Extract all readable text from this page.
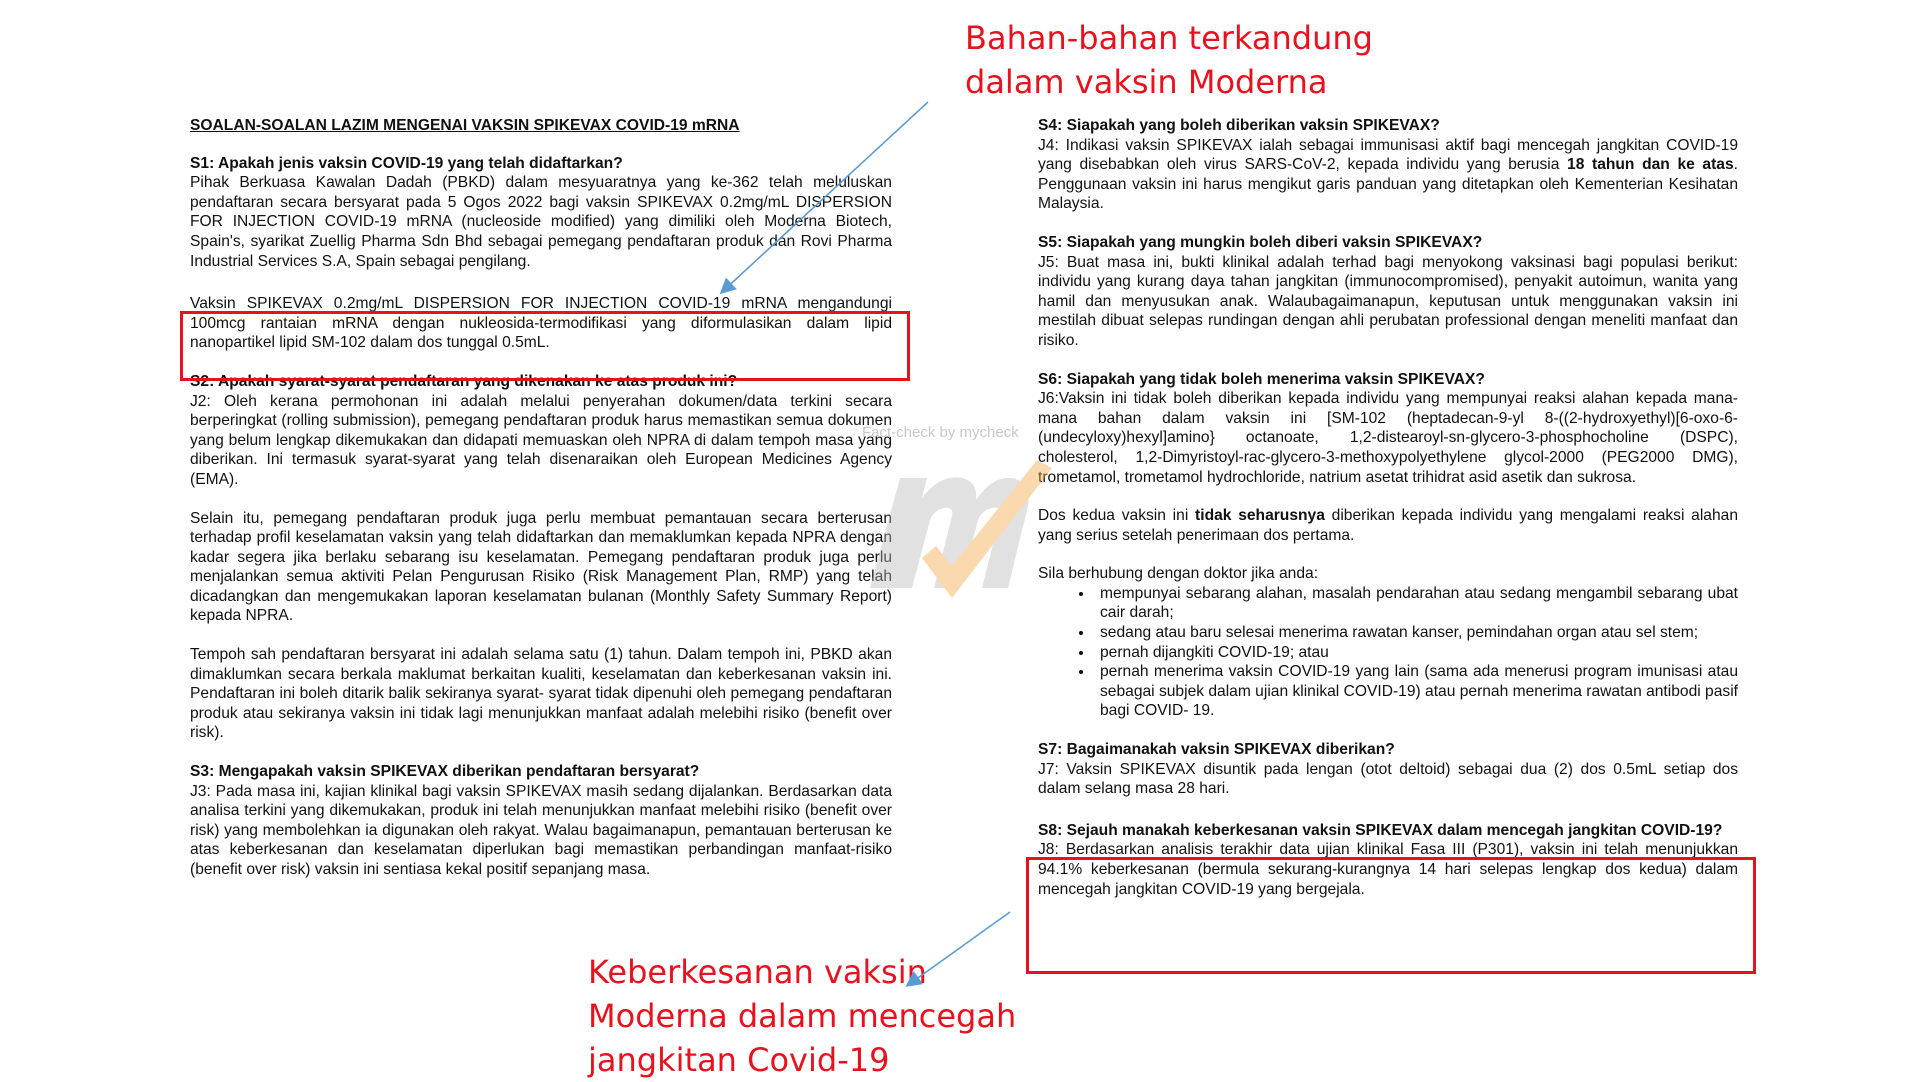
SOALAN-SOALAN LAZIM MENGENAI VAKSIN SPIKEVAX COVID-19 mRNA

S1: Apakah jenis vaksin COVID-19 yang telah didaftarkan?

Pihak Berkuasa Kawalan Dadah (PBKD) dalam mesyuaratnya yang ke-362 telah meluluskan pendaftaran secara bersyarat pada 5 Ogos 2022 bagi vaksin SPIKEVAX 0.2mg/mL DISPERSION FOR INJECTION COVID-19 mRNA (nucleoside modified) yang dimiliki oleh Moderna Biotech, Spain's, syarikat Zuellig Pharma Sdn Bhd sebagai pemegang pendaftaran produk dan Rovi Pharma Industrial Services S.A, Spain sebagai pengilang.

Vaksin SPIKEVAX 0.2mg/mL DISPERSION FOR INJECTION COVID-19 mRNA mengandungi 100mcg rantaian mRNA dengan nukleosida-termodifikasi yang diformulasikan dalam lipid nanopartikel lipid SM-102 dalam dos tunggal 0.5mL.

S2: Apakah syarat-syarat pendaftaran yang dikenakan ke atas produk ini?

J2: Oleh kerana permohonan ini adalah melalui penyerahan dokumen/data terkini secara berperingkat (rolling submission), pemegang pendaftaran produk harus memastikan semua dokumen yang belum lengkap dikemukakan dan didapati memuaskan oleh NPRA di dalam tempoh masa yang diberikan. Ini termasuk syarat-syarat yang telah disenaraikan oleh European Medicines Agency (EMA).

Selain itu, pemegang pendaftaran produk juga perlu membuat pemantauan secara berterusan terhadap profil keselamatan vaksin yang telah didaftarkan dan memaklumkan kepada NPRA dengan kadar segera jika berlaku sebarang isu keselamatan. Pemegang pendaftaran produk juga perlu menjalankan semua aktiviti Pelan Pengurusan Risiko (Risk Management Plan, RMP) yang telah dicadangkan dan mengemukakan laporan keselamatan bulanan (Monthly Safety Summary Report) kepada NPRA.

Tempoh sah pendaftaran bersyarat ini adalah selama satu (1) tahun. Dalam tempoh ini, PBKD akan dimaklumkan secara berkala maklumat berkaitan kualiti, keselamatan dan keberkesanan vaksin ini. Pendaftaran ini boleh ditarik balik sekiranya syarat- syarat tidak dipenuhi oleh pemegang pendaftaran produk atau sekiranya vaksin ini tidak lagi menunjukkan manfaat adalah melebihi risiko (benefit over risk).

S3: Mengapakah vaksin SPIKEVAX diberikan pendaftaran bersyarat?

J3: Pada masa ini, kajian klinikal bagi vaksin SPIKEVAX masih sedang dijalankan. Berdasarkan data analisa terkini yang dikemukakan, produk ini telah menunjukkan manfaat melebihi risiko (benefit over risk) yang membolehkan ia digunakan oleh rakyat. Walau bagaimanapun, pemantauan berterusan ke atas keberkesanan dan keselamatan diperlukan bagi memastikan perbandingan manfaat-risiko (benefit over risk) vaksin ini sentiasa kekal positif sepanjang masa.

S4: Siapakah yang boleh diberikan vaksin SPIKEVAX?

J4: Indikasi vaksin SPIKEVAX ialah sebagai immunisasi aktif bagi mencegah jangkitan COVID-19 yang disebabkan oleh virus SARS-CoV-2, kepada individu yang berusia 18 tahun dan ke atas. Penggunaan vaksin ini harus mengikut garis panduan yang ditetapkan oleh Kementerian Kesihatan Malaysia.

S5: Siapakah yang mungkin boleh diberi vaksin SPIKEVAX?

J5: Buat masa ini, bukti klinikal adalah terhad bagi menyokong vaksinasi bagi populasi berikut: individu yang kurang daya tahan jangkitan (immunocompromised), penyakit autoimun, wanita yang hamil dan menyusukan anak. Walaubagaimanapun, keputusan untuk menggunakan vaksin ini mestilah dibuat selepas rundingan dengan ahli perubatan professional dengan meneliti manfaat dan risiko.

S6: Siapakah yang tidak boleh menerima vaksin SPIKEVAX?

J6:Vaksin ini tidak boleh diberikan kepada individu yang mempunyai reaksi alahan kepada mana-mana bahan dalam vaksin ini [SM-102 (heptadecan-9-yl 8-((2-hydroxyethyl)[6-oxo-6-(undecyloxy)hexyl]amino} octanoate, 1,2-distearoyl-sn-glycero-3-phosphocholine (DSPC), cholesterol, 1,2-Dimyristoyl-rac-glycero-3-methoxypolyethylene glycol-2000 (PEG2000 DMG), trometamol, trometamol hydrochloride, natrium asetat trihidrat asid asetik dan sukrosa.

Dos kedua vaksin ini tidak seharusnya diberikan kepada individu yang mengalami reaksi alahan yang serius setelah penerimaan dos pertama.

Sila berhubung dengan doktor jika anda:

• mempunyai sebarang alahan, masalah pendarahan atau sedang mengambil sebarang ubat cair darah;
• sedang atau baru selesai menerima rawatan kanser, pemindahan organ atau sel stem;
• pernah dijangkiti COVID-19; atau
• pernah menerima vaksin COVID-19 yang lain (sama ada menerusi program imunisasi atau sebagai subjek dalam ujian klinikal COVID-19) atau pernah menerima rawatan antibodi pasif bagi COVID- 19.

S7: Bagaimanakah vaksin SPIKEVAX diberikan?

J7: Vaksin SPIKEVAX disuntik pada lengan (otot deltoid) sebagai dua (2) dos 0.5mL setiap dos dalam selang masa 28 hari.

S8: Sejauh manakah keberkesanan vaksin SPIKEVAX dalam mencegah jangkitan COVID-19?

J8: Berdasarkan analisis terakhir data ujian klinikal Fasa III (P301), vaksin ini telah menunjukkan 94.1% keberkesanan (bermula sekurang-kurangnya 14 hari selepas lengkap dos kedua) dalam mencegah jangkitan COVID-19 yang bergejala.

Fact-check by mycheck
Bahan-bahan terkandung
dalam vaksin Moderna
Keberkesanan vaksin
Moderna dalam mencegah
jangkitan Covid-19
